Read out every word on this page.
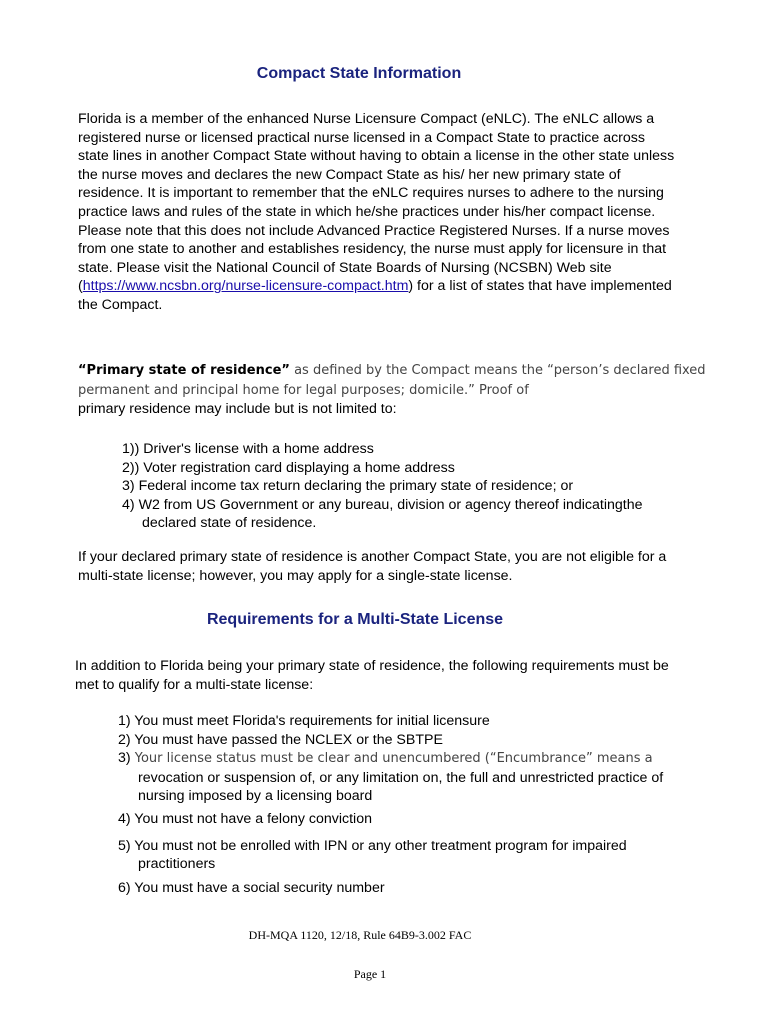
Compact State Information

Florida is a member of the enhanced Nurse Licensure Compact (eNLC). The eNLC allows a registered nurse or licensed practical nurse licensed in a Compact State to practice across state lines in another Compact State without having to obtain a license in the other state unless the nurse moves and declares the new Compact State as his/ her new primary state of residence. It is important to remember that the eNLC requires nurses to adhere to the nursing practice laws and rules of the state in which he/she practices under his/her compact license. Please note that this does not include Advanced Practice Registered Nurses. If a nurse moves from one state to another and establishes residency, the nurse must apply for licensure in that state. Please visit the National Council of State Boards of Nursing (NCSBN) Web site (https://www.ncsbn.org/nurse-licensure-compact.htm) for a list of states that have implemented the Compact.

“Primary state of residence” as defined by the Compact means the “person’s declared fixed permanent and principal home for legal purposes; domicile.” Proof of
primary residence may include but is not limited to:

1)) Driver's license with a home address
2)) Voter registration card displaying a home address
3) Federal income tax return declaring the primary state of residence; or
4) W2 from US Government or any bureau, division or agency thereof indicatingthe
declared state of residence.

If your declared primary state of residence is another Compact State, you are not eligible for a multi-state license; however, you may apply for a single-state license.

Requirements for a Multi-State License

In addition to Florida being your primary state of residence, the following requirements must be met to qualify for a multi-state license:

1) You must meet Florida's requirements for initial licensure
2) You must have passed the NCLEX or the SBTPE
3) Your license status must be clear and unencumbered (“Encumbrance” means a
revocation or suspension of, or any limitation on, the full and unrestricted practice of nursing imposed by a licensing board
4) You must not have a felony conviction
5) You must not be enrolled with IPN or any other treatment program for impaired
practitioners
6) You must have a social security number
DH-MQA 1120, 12/18, Rule 64B9-3.002 FAC
Page 1
